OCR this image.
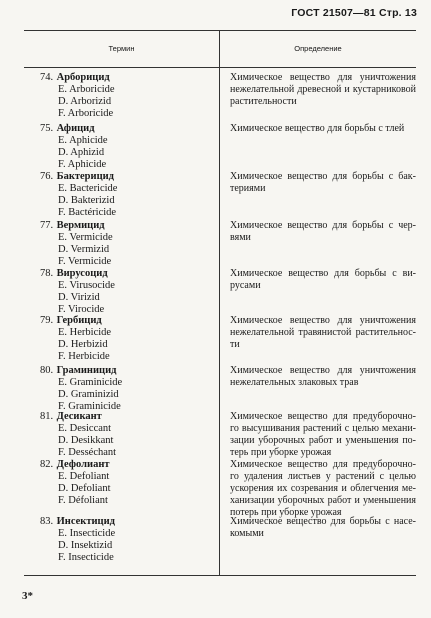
ГОСТ 21507—81 Стр. 13
Термин	Определение
74. Арборицид
E. Arboricide
D. Arborizid
F. Arboricide
Химическое вещество для уничтожения
нежелательной древесной и кустарниковой
растительности
75. Афицид
E. Aphicide
D. Aphizid
F. Aphicide
Химическое вещество для борьбы с тлей
76. Бактерицид
E. Bactericide
D. Bakterizid
F. Bactéricide
Химическое вещество для борьбы с бак-
териями
77. Вермицид
E. Vermicide
D. Vermizid
F. Vermicide
Химическое вещество для борьбы с чер-
вями
78. Вирусоцид
E. Virusocide
D. Virizid
F. Virocide
Химическое вещество для борьбы с ви-
русами
79. Гербицид
E. Herbicide
D. Herbizid
F. Herbicide
Химическое вещество для уничтожения
нежелательной травянистой растительнос-
ти
80. Граминицид
E. Graminicide
D. Graminizid
F. Graminicide
Химическое вещество для уничтожения
нежелательных злаковых трав
81. Десикант
E. Desiccant
D. Desikkant
F. Desséchant
Химическое вещество для предуборочно-
го высушивания растений с целью механи-
зации уборочных работ и уменьшения по-
терь при уборке урожая
82. Дефолиант
E. Defoliant
D. Defoliant
F. Défoliant
Химическое вещество для предуборочно-
го удаления листьев у растений с целью
ускорения их созревания и облегчения ме-
ханизации уборочных работ и уменьшения
потерь при уборке урожая
83. Инсектицид
E. Insecticide
D. Insektizid
F. Insecticide
Химическое вещество для борьбы с насе-
комыми
3*
